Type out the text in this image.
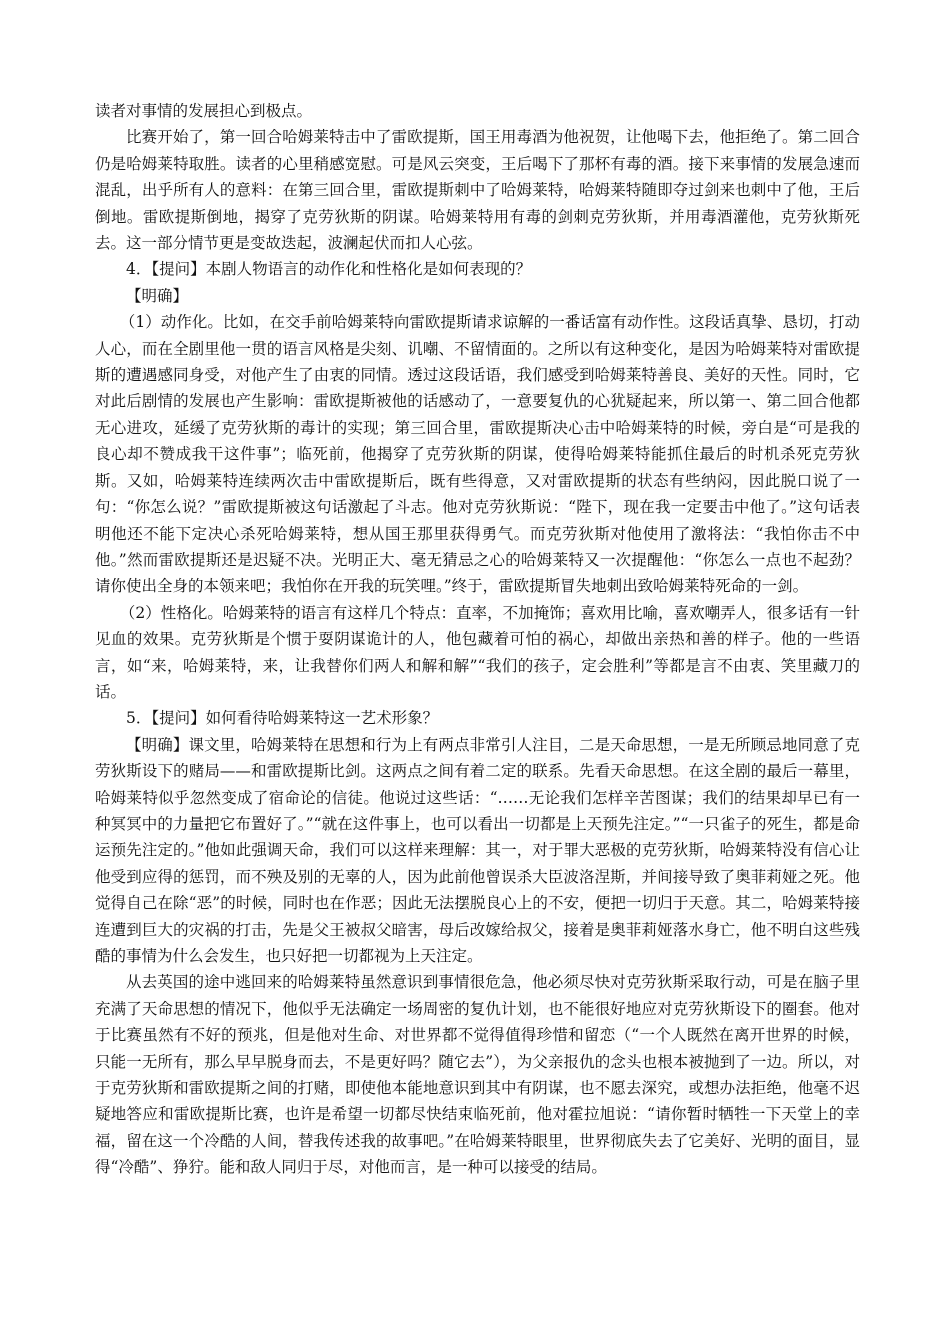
读者对事情的发展担心到极点。

比赛开始了，第一回合哈姆莱特击中了雷欧提斯，国王用毒酒为他祝贺，让他喝下去，他拒绝了。第二回合仍是哈姆莱特取胜。读者的心里稍感宽慰。可是风云突变，王后喝下了那杯有毒的酒。接下来事情的发展急速而混乱，出乎所有人的意料：在第三回合里，雷欧提斯刺中了哈姆莱特，哈姆莱特随即夺过剑来也刺中了他，王后倒地。雷欧提斯倒地，揭穿了克劳狄斯的阴谋。哈姆莱特用有毒的剑刺克劳狄斯，并用毒酒灌他，克劳狄斯死去。这一部分情节更是变故迭起，波澜起伏而扣人心弦。

4．【提问】本剧人物语言的动作化和性格化是如何表现的？

【明确】

（1）动作化。比如，在交手前哈姆莱特向雷欧提斯请求谅解的一番话富有动作性。这段话真挚、恳切，打动人心，而在全剧里他一贯的语言风格是尖刻、讥嘲、不留情面的。之所以有这种变化，是因为哈姆莱特对雷欧提斯的遭遇感同身受，对他产生了由衷的同情。透过这段话语，我们感受到哈姆莱特善良、美好的天性。同时，它对此后剧情的发展也产生影响：雷欧提斯被他的话感动了，一意要复仇的心犹疑起来，所以第一、第二回合他都无心进攻，延缓了克劳狄斯的毒计的实现；第三回合里，雷欧提斯决心击中哈姆莱特的时候，旁白是“可是我的良心却不赞成我干这件事”；临死前，他揭穿了克劳狄斯的阴谋，使得哈姆莱特能抓住最后的时机杀死克劳狄斯。又如，哈姆莱特连续两次击中雷欧提斯后，既有些得意，又对雷欧提斯的状态有些纳闷，因此脱口说了一句：“你怎么说？”雷欧提斯被这句话激起了斗志。他对克劳狄斯说：“陛下，现在我一定要击中他了。”这句话表明他还不能下定决心杀死哈姆莱特，想从国王那里获得勇气。而克劳狄斯对他使用了激将法：“我怕你击不中他。”然而雷欧提斯还是迟疑不决。光明正大、毫无猜忌之心的哈姆莱特又一次提醒他：“你怎么一点也不起劲？请你使出全身的本领来吧；我怕你在开我的玩笑哩。”终于，雷欧提斯冒失地刺出致哈姆莱特死命的一剑。

（2）性格化。哈姆莱特的语言有这样几个特点：直率，不加掩饰；喜欢用比喻，喜欢嘲弄人，很多话有一针见血的效果。克劳狄斯是个惯于耍阴谋诡计的人，他包藏着可怕的祸心，却做出亲热和善的样子。他的一些语言，如“来，哈姆莱特，来，让我替你们两人和解和解”“我们的孩子，定会胜利”等都是言不由衷、笑里藏刀的话。

5．【提问】如何看待哈姆莱特这一艺术形象？

【明确】课文里，哈姆莱特在思想和行为上有两点非常引人注目，二是天命思想，一是无所顾忌地同意了克劳狄斯设下的赌局——和雷欧提斯比剑。这两点之间有着二定的联系。先看天命思想。在这全剧的最后一幕里，哈姆莱特似乎忽然变成了宿命论的信徒。他说过这些话：“……无论我们怎样辛苦图谋；我们的结果却早已有一种冥冥中的力量把它布置好了。”“就在这件事上，也可以看出一切都是上天预先注定。”“一只雀子的死生，都是命运预先注定的。”他如此强调天命，我们可以这样来理解：其一，对于罪大恶极的克劳狄斯，哈姆莱特没有信心让他受到应得的惩罚，而不殃及别的无辜的人，因为此前他曾误杀大臣波洛涅斯，并间接导致了奥菲莉娅之死。他觉得自己在除“恶”的时候，同时也在作恶；因此无法摆脱良心上的不安，便把一切归于天意。其二，哈姆莱特接连遭到巨大的灾祸的打击，先是父王被叔父暗害，母后改嫁给叔父，接着是奥菲莉娅落水身亡，他不明白这些残酷的事情为什么会发生，也只好把一切都视为上天注定。

从去英国的途中逃回来的哈姆莱特虽然意识到事情很危急，他必须尽快对克劳狄斯采取行动，可是在脑子里充满了天命思想的情况下，他似乎无法确定一场周密的复仇计划，也不能很好地应对克劳狄斯设下的圈套。他对于比赛虽然有不好的预兆，但是他对生命、对世界都不觉得值得珍惜和留恋（“一个人既然在离开世界的时候，只能一无所有，那么早早脱身而去，不是更好吗？随它去”），为父亲报仇的念头也根本被抛到了一边。所以，对于克劳狄斯和雷欧提斯之间的打赌，即使他本能地意识到其中有阴谋，也不愿去深究，或想办法拒绝，他毫不迟疑地答应和雷欧提斯比赛，也许是希望一切都尽快结束临死前，他对霍拉旭说：“请你暂时牺牲一下天堂上的幸福，留在这一个冷酷的人间，替我传述我的故事吧。”在哈姆莱特眼里，世界彻底失去了它美好、光明的面目，显得“冷酷”、狰狞。能和敌人同归于尽，对他而言，是一种可以接受的结局。
